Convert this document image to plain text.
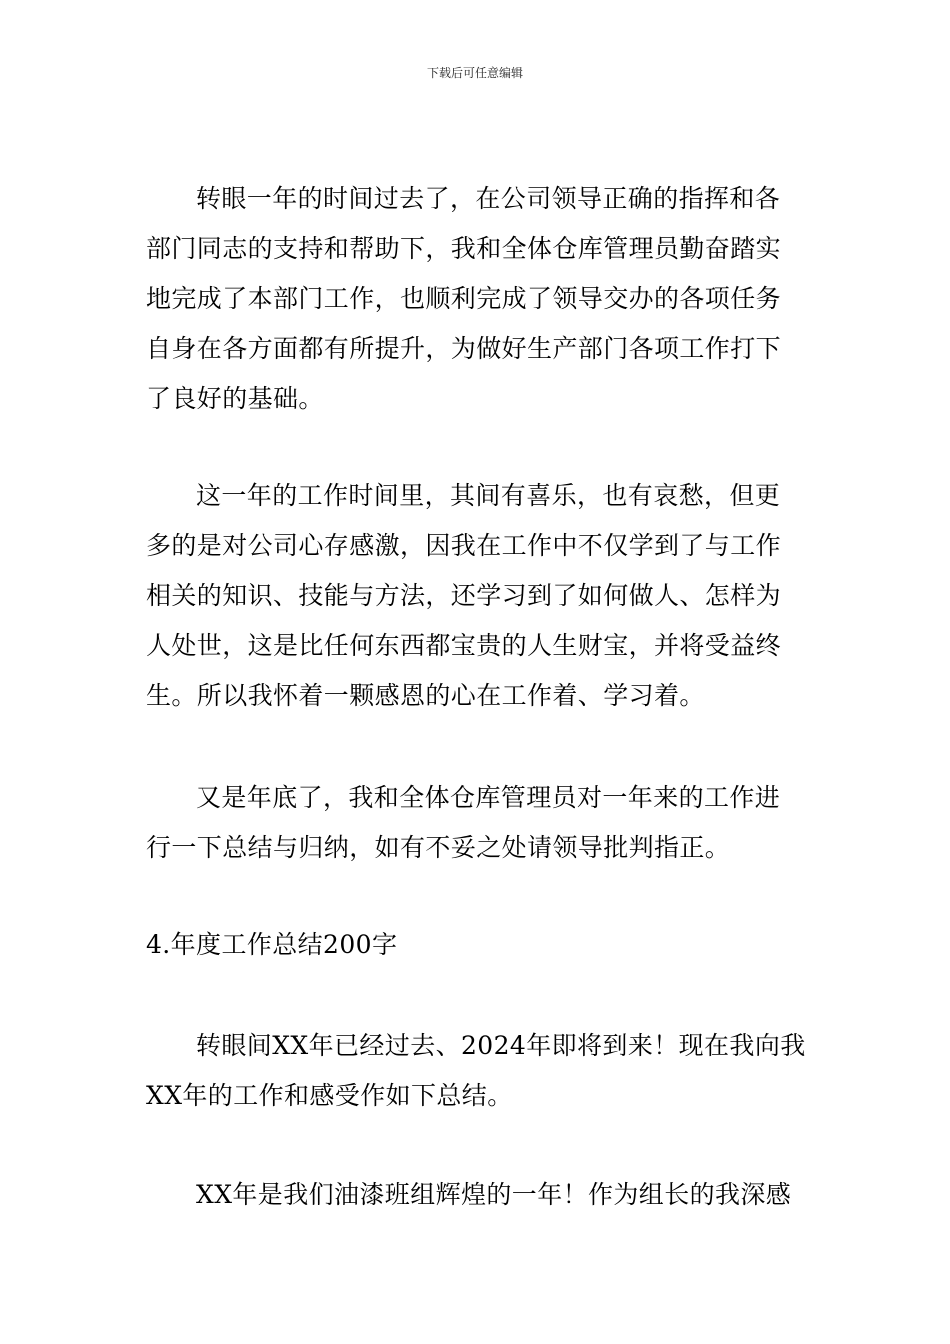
下载后可任意编辑
转眼一年的时间过去了，在公司领导正确的指挥和各
部门同志的支持和帮助下，我和全体仓库管理员勤奋踏实
地完成了本部门工作，也顺利完成了领导交办的各项任务
自身在各方面都有所提升，为做好生产部门各项工作打下
了良好的基础。
这一年的工作时间里，其间有喜乐，也有哀愁，但更
多的是对公司心存感激，因我在工作中不仅学到了与工作
相关的知识、技能与方法，还学习到了如何做人、怎样为
人处世，这是比任何东西都宝贵的人生财宝，并将受益终
生。所以我怀着一颗感恩的心在工作着、学习着。
又是年底了，我和全体仓库管理员对一年来的工作进
行一下总结与归纳，如有不妥之处请领导批判指正。
4.年度工作总结200字
转眼间XX年已经过去、2024年即将到来！现在我向我
XX年的工作和感受作如下总结。
XX年是我们油漆班组辉煌的一年！作为组长的我深感
